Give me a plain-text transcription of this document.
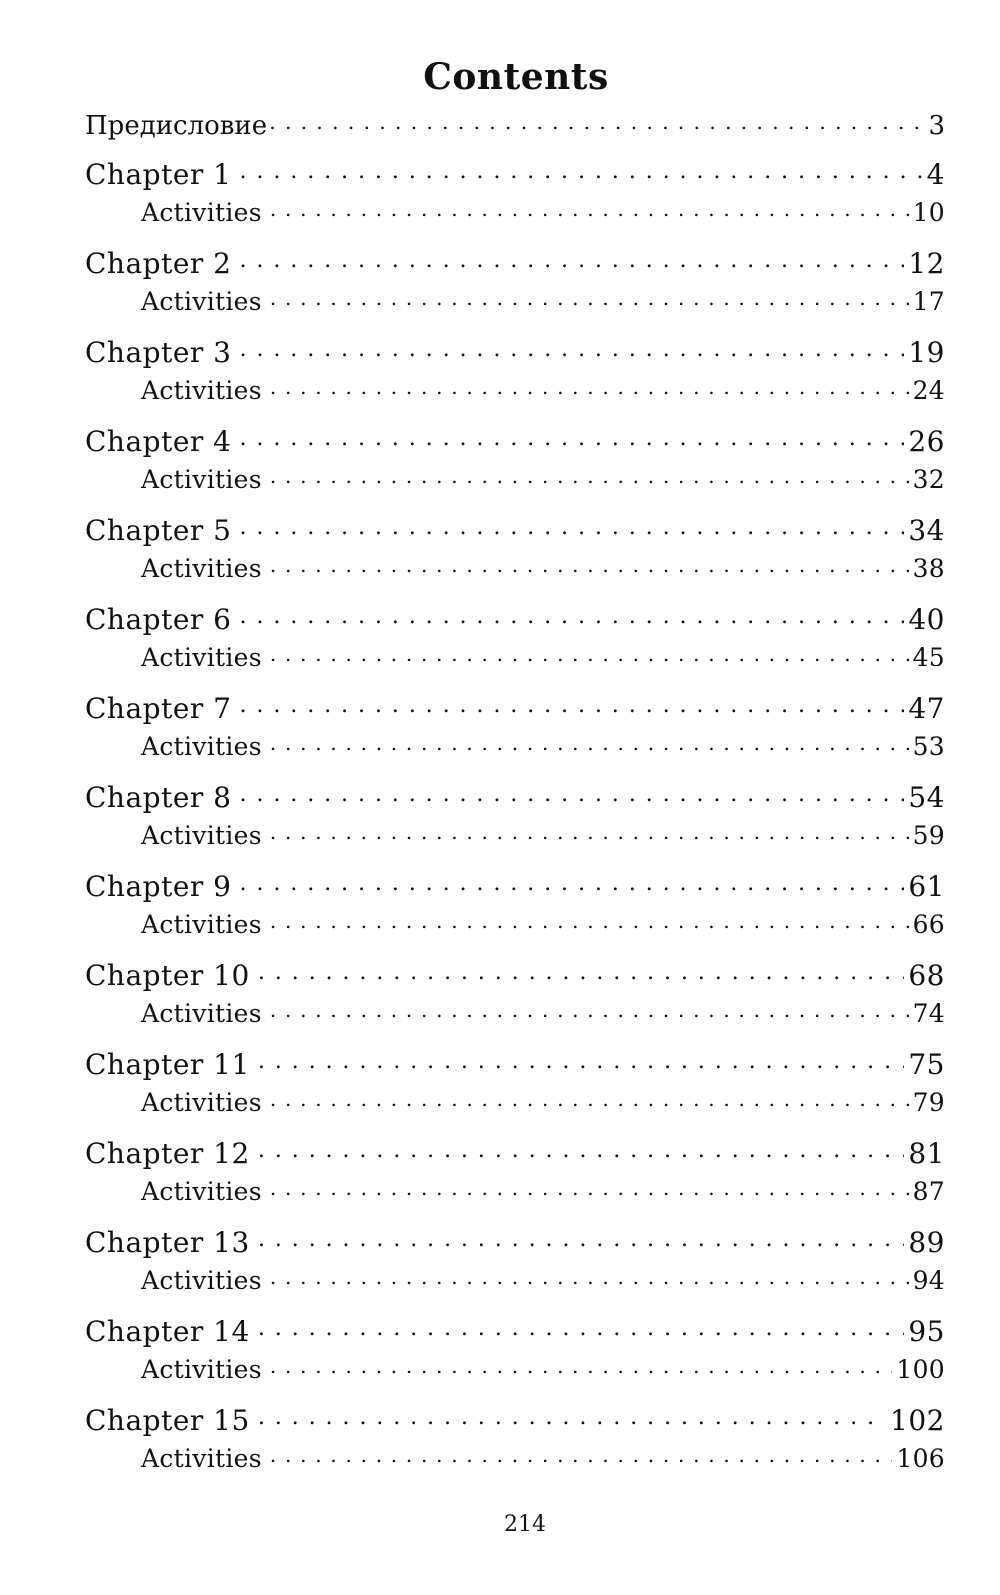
Contents
Предисловие . . .	3
Chapter 1 . . .	4
Activities . . .	10
Chapter 2 . . .	12
Activities . . .	17
Chapter 3 . . .	19
Activities . . .	24
Chapter 4 . . .	26
Activities . . .	32
Chapter 5 . . .	34
Activities . . .	38
Chapter 6 . . .	40
Activities . . .	45
Chapter 7 . . .	47
Activities . . .	53
Chapter 8 . . .	54
Activities . . .	59
Chapter 9 . . .	61
Activities . . .	66
Chapter 10 . . .	68
Activities . . .	74
Chapter 11 . . .	75
Activities . . .	79
Chapter 12 . . .	81
Activities . . .	87
Chapter 13 . . .	89
Activities . . .	94
Chapter 14 . . .	95
Activities . . .	100
Chapter 15 . . .	102
Activities . . .	106
214
